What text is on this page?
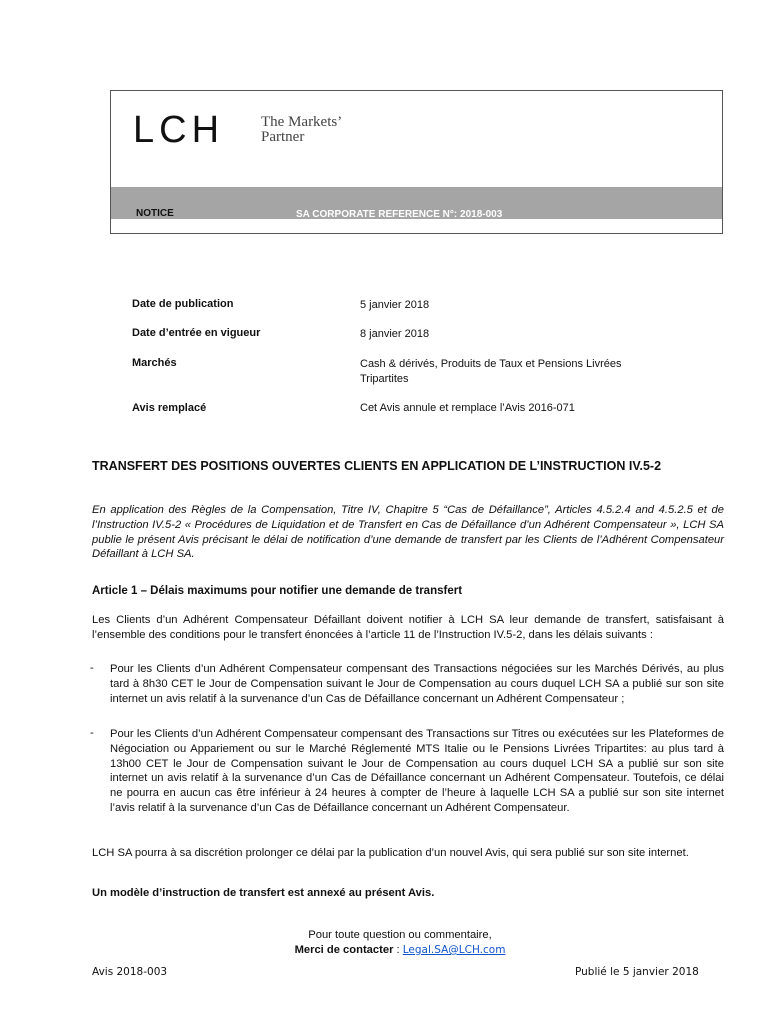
LCH The Markets’
Partner
NOTICE	SA CORPORATE REFERENCE N°: 2018-003
Date de publication	5 janvier 2018
Date d’entrée en vigueur	8 janvier 2018
Marchés	Cash & dérivés, Produits de Taux et Pensions Livrées Tripartites
Avis remplacé	Cet Avis annule et remplace l’Avis 2016-071
TRANSFERT DES POSITIONS OUVERTES CLIENTS EN APPLICATION DE L’INSTRUCTION IV.5-2
En application des Règles de la Compensation, Titre IV, Chapitre 5 “Cas de Défaillance”, Articles 4.5.2.4 and 4.5.2.5 et de l’Instruction IV.5-2 « Procédures de Liquidation et de Transfert en Cas de Défaillance d’un Adhérent Compensateur », LCH SA publie le présent Avis précisant le délai de notification d’une demande de transfert par les Clients de l’Adhérent Compensateur Défaillant à LCH SA.
Article 1 – Délais maximums pour notifier une demande de transfert
Les Clients d’un Adhérent Compensateur Défaillant doivent notifier à LCH SA leur demande de transfert, satisfaisant à l’ensemble des conditions pour le transfert énoncées à l’article 11 de l’Instruction IV.5-2, dans les délais suivants :
- Pour les Clients d’un Adhérent Compensateur compensant des Transactions négociées sur les Marchés Dérivés, au plus tard à 8h30 CET le Jour de Compensation suivant le Jour de Compensation au cours duquel LCH SA a publié sur son site internet un avis relatif à la survenance d’un Cas de Défaillance concernant un Adhérent Compensateur ;
- Pour les Clients d’un Adhérent Compensateur compensant des Transactions sur Titres ou exécutées sur les Plateformes de Négociation ou Appariement ou sur le Marché Réglementé MTS Italie ou le Pensions Livrées Tripartites: au plus tard à 13h00 CET le Jour de Compensation suivant le Jour de Compensation au cours duquel LCH SA a publié sur son site internet un avis relatif à la survenance d’un Cas de Défaillance concernant un Adhérent Compensateur. Toutefois, ce délai ne pourra en aucun cas être inférieur à 24 heures à compter de l’heure à laquelle LCH SA a publié sur son site internet l’avis relatif à la survenance d’un Cas de Défaillance concernant un Adhérent Compensateur.
LCH SA pourra à sa discrétion prolonger ce délai par la publication d’un nouvel Avis, qui sera publié sur son site internet.
Un modèle d’instruction de transfert est annexé au présent Avis.
Pour toute question ou commentaire,
Merci de contacter : Legal.SA@LCH.com
Avis 2018-003	Publié le 5 janvier 2018
